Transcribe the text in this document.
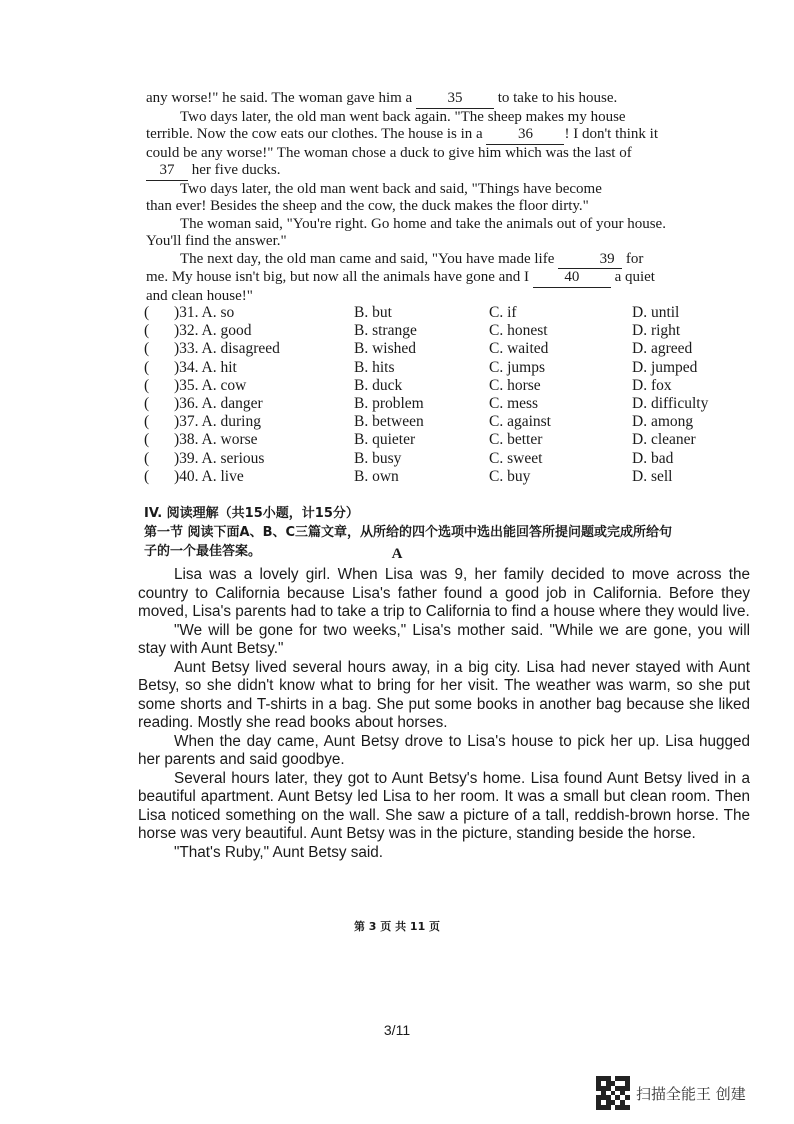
any worse!" he said. The woman gave him a 35 to take to his house.

Two days later, the old man went back again. "The sheep makes my house

terrible. Now the cow eats our clothes. The house is in a 36 ! I don't think it

could be any worse!" The woman chose a duck to give him which was the last of

37 her five ducks.

Two days later, the old man went back and said, "Things have become

than ever! Besides the sheep and the cow, the duck makes the floor dirty."

The woman said, "You're right. Go home and take the animals out of your house.

You'll find the answer."

The next day, the old man came and said, "You have made life	39 for

me. My house isn't big, but now all the animals have gone and I 40 a quiet

and clean house!"

(	)31. A. so	B. but	C. if	D. until
(	)32. A. good	B. strange	C. honest	D. right
(	)33. A. disagreed	B. wished	C. waited	D. agreed
(	)34. A. hit	B. hits	C. jumps	D. jumped
(	)35. A. cow	B. duck	C. horse	D. fox
(	)36. A. danger	B. problem	C. mess	D. difficulty
(	)37. A. during	B. between	C. against	D. among
(	)38. A. worse	B. quieter	C. better	D. cleaner
(	)39. A. serious	B. busy	C. sweet	D. bad
(	)40. A. live	B. own	C. buy	D. sell
IV. 阅读理解（共15小题，计15分）
第一节 阅读下面A、B、C三篇文章，从所给的四个选项中选出能回答所提问题或完成所给句
子的一个最佳答案。	A

Lisa was a lovely girl. When Lisa was 9, her family decided to move across the country to California because Lisa's father found a good job in California. Before they moved, Lisa's parents had to take a trip to California to find a house where they would live.

"We will be gone for two weeks," Lisa's mother said. "While we are gone, you will stay with Aunt Betsy."

Aunt Betsy lived several hours away, in a big city. Lisa had never stayed with Aunt Betsy, so she didn't know what to bring for her visit. The weather was warm, so she put some shorts and T-shirts in a bag. She put some books in another bag because she liked reading. Mostly she read books about horses.

When the day came, Aunt Betsy drove to Lisa's house to pick her up. Lisa hugged her parents and said goodbye.

Several hours later, they got to Aunt Betsy's home. Lisa found Aunt Betsy lived in a beautiful apartment. Aunt Betsy led Lisa to her room. It was a small but clean room. Then Lisa noticed something on the wall. She saw a picture of a tall, reddish-brown horse. The horse was very beautiful. Aunt Betsy was in the picture, standing beside the horse.

"That's Ruby," Aunt Betsy said.

第 3 页 共 11 页
3/11
扫描全能王 创建
